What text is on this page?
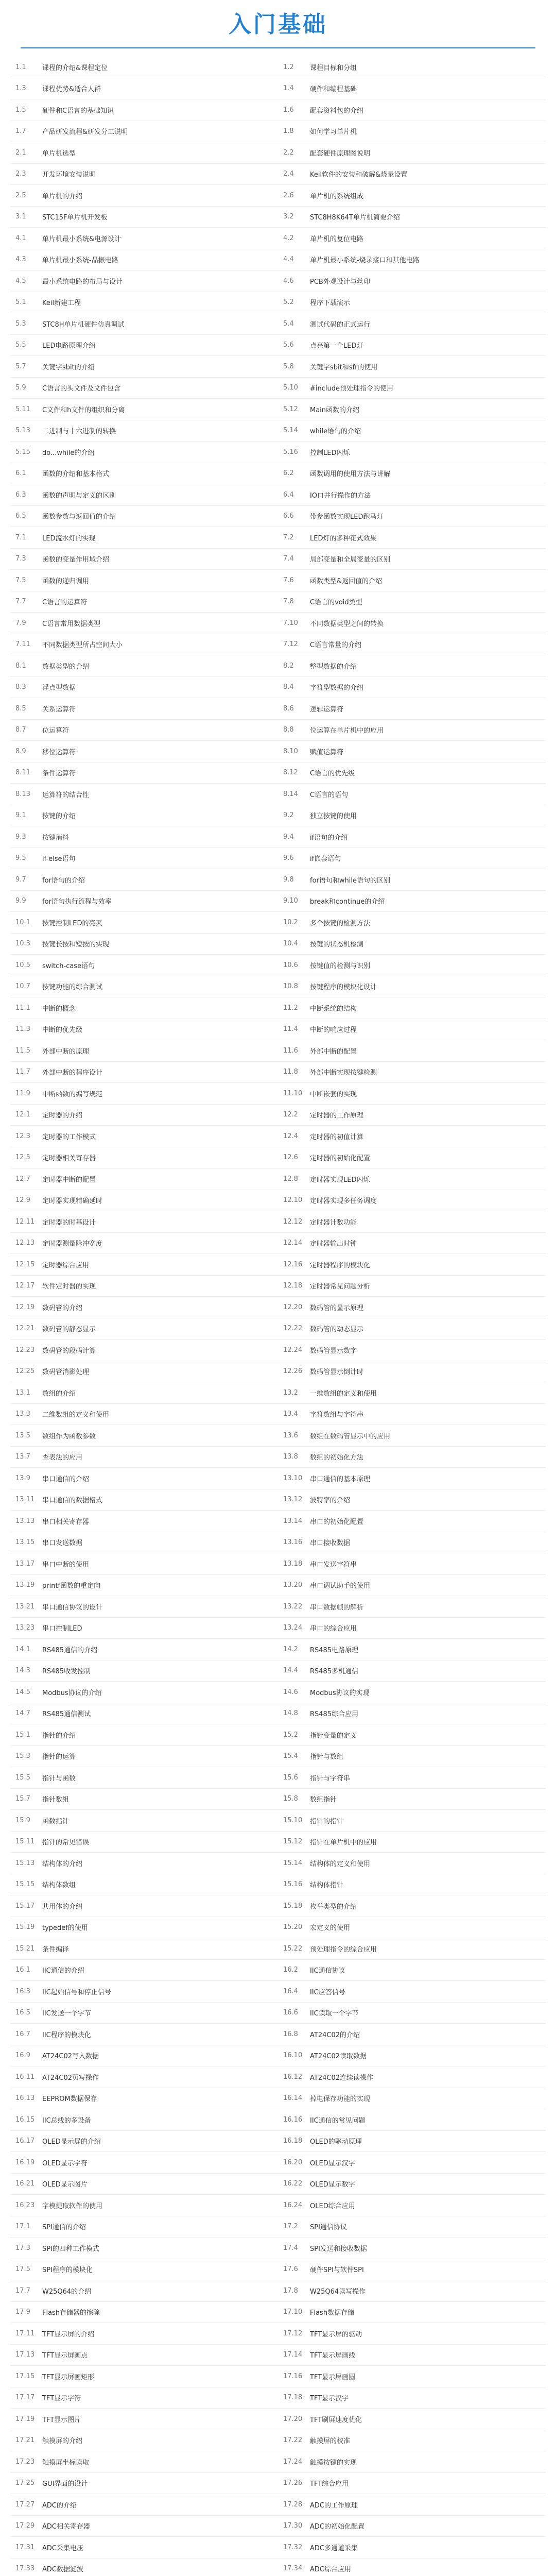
入门基础
1.1	课程的介绍&课程定位	1.2	课程目标和分组
1.3	课程优势&适合人群	1.4	硬件和编程基础
1.5	硬件和C语言的基础知识	1.6	配套资料包的介绍
1.7	产品研发流程&研发分工说明	1.8	如何学习单片机
2.1	单片机选型	2.2	配套硬件原理图说明
2.3	开发环境安装说明	2.4	Keil软件的安装和破解&烧录设置
2.5	单片机的介绍	2.6	单片机的系统组成
3.1	STC15F单片机开发板	3.2	STC8H8K64T单片机简要介绍
4.1	单片机最小系统&电源设计	4.2	单片机的复位电路
4.3	单片机最小系统-晶振电路	4.4	单片机最小系统-烧录接口和其他电路
4.5	最小系统电路的布局与设计	4.6	PCB外观设计与丝印
5.1	Keil新建工程	5.2	程序下载演示
5.3	STC8H单片机硬件仿真调试	5.4	测试代码的正式运行
5.5	LED电路原理介绍	5.6	点亮第一个LED灯
5.7	关键字sbit的介绍	5.8	关键字sbit和sfr的使用
5.9	C语言的头文件及文件包含	5.10	#include预处理指令的使用
5.11	C文件和h文件的组织和分离	5.12	Main函数的介绍
5.13	二进制与十六进制的转换	5.14	while语句的介绍
5.15	do...while的介绍	5.16	控制LED闪烁
6.1	函数的介绍和基本格式	6.2	函数调用的使用方法与讲解
6.3	函数的声明与定义的区别	6.4	IO口并行操作的方法
6.5	函数参数与返回值的介绍	6.6	带参函数实现LED跑马灯
7.1	LED流水灯的实现	7.2	LED灯的多种花式效果
7.3	函数的变量作用域介绍	7.4	局部变量和全局变量的区别
7.5	函数的递归调用	7.6	函数类型&返回值的介绍
7.7	C语言的运算符	7.8	C语言的void类型
7.9	C语言常用数据类型	7.10	不同数据类型之间的转换
7.11	不同数据类型所占空间大小	7.12	C语言常量的介绍
8.1	数据类型的介绍	8.2	整型数据的介绍
8.3	浮点型数据	8.4	字符型数据的介绍
8.5	关系运算符	8.6	逻辑运算符
8.7	位运算符	8.8	位运算在单片机中的应用
8.9	移位运算符	8.10	赋值运算符
8.11	条件运算符	8.12	C语言的优先级
8.13	运算符的结合性	8.14	C语言的语句
9.1	按键的介绍	9.2	独立按键的使用
9.3	按键消抖	9.4	if语句的介绍
9.5	if-else语句	9.6	if嵌套语句
9.7	for语句的介绍	9.8	for语句和while语句的区别
9.9	for语句执行流程与效率	9.10	break和continue的介绍
10.1	按键控制LED的亮灭	10.2	多个按键的检测方法
10.3	按键长按和短按的实现	10.4	按键的状态机检测
10.5	switch-case语句	10.6	按键值的检测与识别
10.7	按键功能的综合测试	10.8	按键程序的模块化设计
11.1	中断的概念	11.2	中断系统的结构
11.3	中断的优先级	11.4	中断的响应过程
11.5	外部中断的原理	11.6	外部中断的配置
11.7	外部中断的程序设计	11.8	外部中断实现按键检测
11.9	中断函数的编写规范	11.10	中断嵌套的实现
12.1	定时器的介绍	12.2	定时器的工作原理
12.3	定时器的工作模式	12.4	定时器的初值计算
12.5	定时器相关寄存器	12.6	定时器的初始化配置
12.7	定时器中断的配置	12.8	定时器实现LED闪烁
12.9	定时器实现精确延时	12.10	定时器实现多任务调度
12.11	定时器的时基设计	12.12	定时器计数功能
12.13	定时器测量脉冲宽度	12.14	定时器输出时钟
12.15	定时器综合应用	12.16	定时器程序的模块化
12.17	软件定时器的实现	12.18	定时器常见问题分析
12.19	数码管的介绍	12.20	数码管的显示原理
12.21	数码管的静态显示	12.22	数码管的动态显示
12.23	数码管的段码计算	12.24	数码管显示数字
12.25	数码管消影处理	12.26	数码管显示倒计时
13.1	数组的介绍	13.2	一维数组的定义和使用
13.3	二维数组的定义和使用	13.4	字符数组与字符串
13.5	数组作为函数参数	13.6	数组在数码管显示中的应用
13.7	查表法的应用	13.8	数组的初始化方法
13.9	串口通信的介绍	13.10	串口通信的基本原理
13.11	串口通信的数据格式	13.12	波特率的介绍
13.13	串口相关寄存器	13.14	串口的初始化配置
13.15	串口发送数据	13.16	串口接收数据
13.17	串口中断的使用	13.18	串口发送字符串
13.19	printf函数的重定向	13.20	串口调试助手的使用
13.21	串口通信协议的设计	13.22	串口数据帧的解析
13.23	串口控制LED	13.24	串口的综合应用
14.1	RS485通信的介绍	14.2	RS485电路原理
14.3	RS485收发控制	14.4	RS485多机通信
14.5	Modbus协议的介绍	14.6	Modbus协议的实现
14.7	RS485通信测试	14.8	RS485综合应用
15.1	指针的介绍	15.2	指针变量的定义
15.3	指针的运算	15.4	指针与数组
15.5	指针与函数	15.6	指针与字符串
15.7	指针数组	15.8	数组指针
15.9	函数指针	15.10	指针的指针
15.11	指针的常见错误	15.12	指针在单片机中的应用
15.13	结构体的介绍	15.14	结构体的定义和使用
15.15	结构体数组	15.16	结构体指针
15.17	共用体的介绍	15.18	枚举类型的介绍
15.19	typedef的使用	15.20	宏定义的使用
15.21	条件编译	15.22	预处理指令的综合应用
16.1	IIC通信的介绍	16.2	IIC通信协议
16.3	IIC起始信号和停止信号	16.4	IIC应答信号
16.5	IIC发送一个字节	16.6	IIC读取一个字节
16.7	IIC程序的模块化	16.8	AT24C02的介绍
16.9	AT24C02写入数据	16.10	AT24C02读取数据
16.11	AT24C02页写操作	16.12	AT24C02连续读操作
16.13	EEPROM数据保存	16.14	掉电保存功能的实现
16.15	IIC总线的多设备	16.16	IIC通信的常见问题
16.17	OLED显示屏的介绍	16.18	OLED的驱动原理
16.19	OLED显示字符	16.20	OLED显示汉字
16.21	OLED显示图片	16.22	OLED显示数字
16.23	字模提取软件的使用	16.24	OLED综合应用
17.1	SPI通信的介绍	17.2	SPI通信协议
17.3	SPI的四种工作模式	17.4	SPI发送和接收数据
17.5	SPI程序的模块化	17.6	硬件SPI与软件SPI
17.7	W25Q64的介绍	17.8	W25Q64读写操作
17.9	Flash存储器的擦除	17.10	Flash数据存储
17.11	TFT显示屏的介绍	17.12	TFT显示屏的驱动
17.13	TFT显示屏画点	17.14	TFT显示屏画线
17.15	TFT显示屏画矩形	17.16	TFT显示屏画圆
17.17	TFT显示字符	17.18	TFT显示汉字
17.19	TFT显示图片	17.20	TFT刷屏速度优化
17.21	触摸屏的介绍	17.22	触摸屏的校准
17.23	触摸屏坐标读取	17.24	触摸按键的实现
17.25	GUI界面的设计	17.26	TFT综合应用
17.27	ADC的介绍	17.28	ADC的工作原理
17.29	ADC相关寄存器	17.30	ADC的初始化配置
17.31	ADC采集电压	17.32	ADC多通道采集
17.33	ADC数据滤波	17.34	ADC综合应用
